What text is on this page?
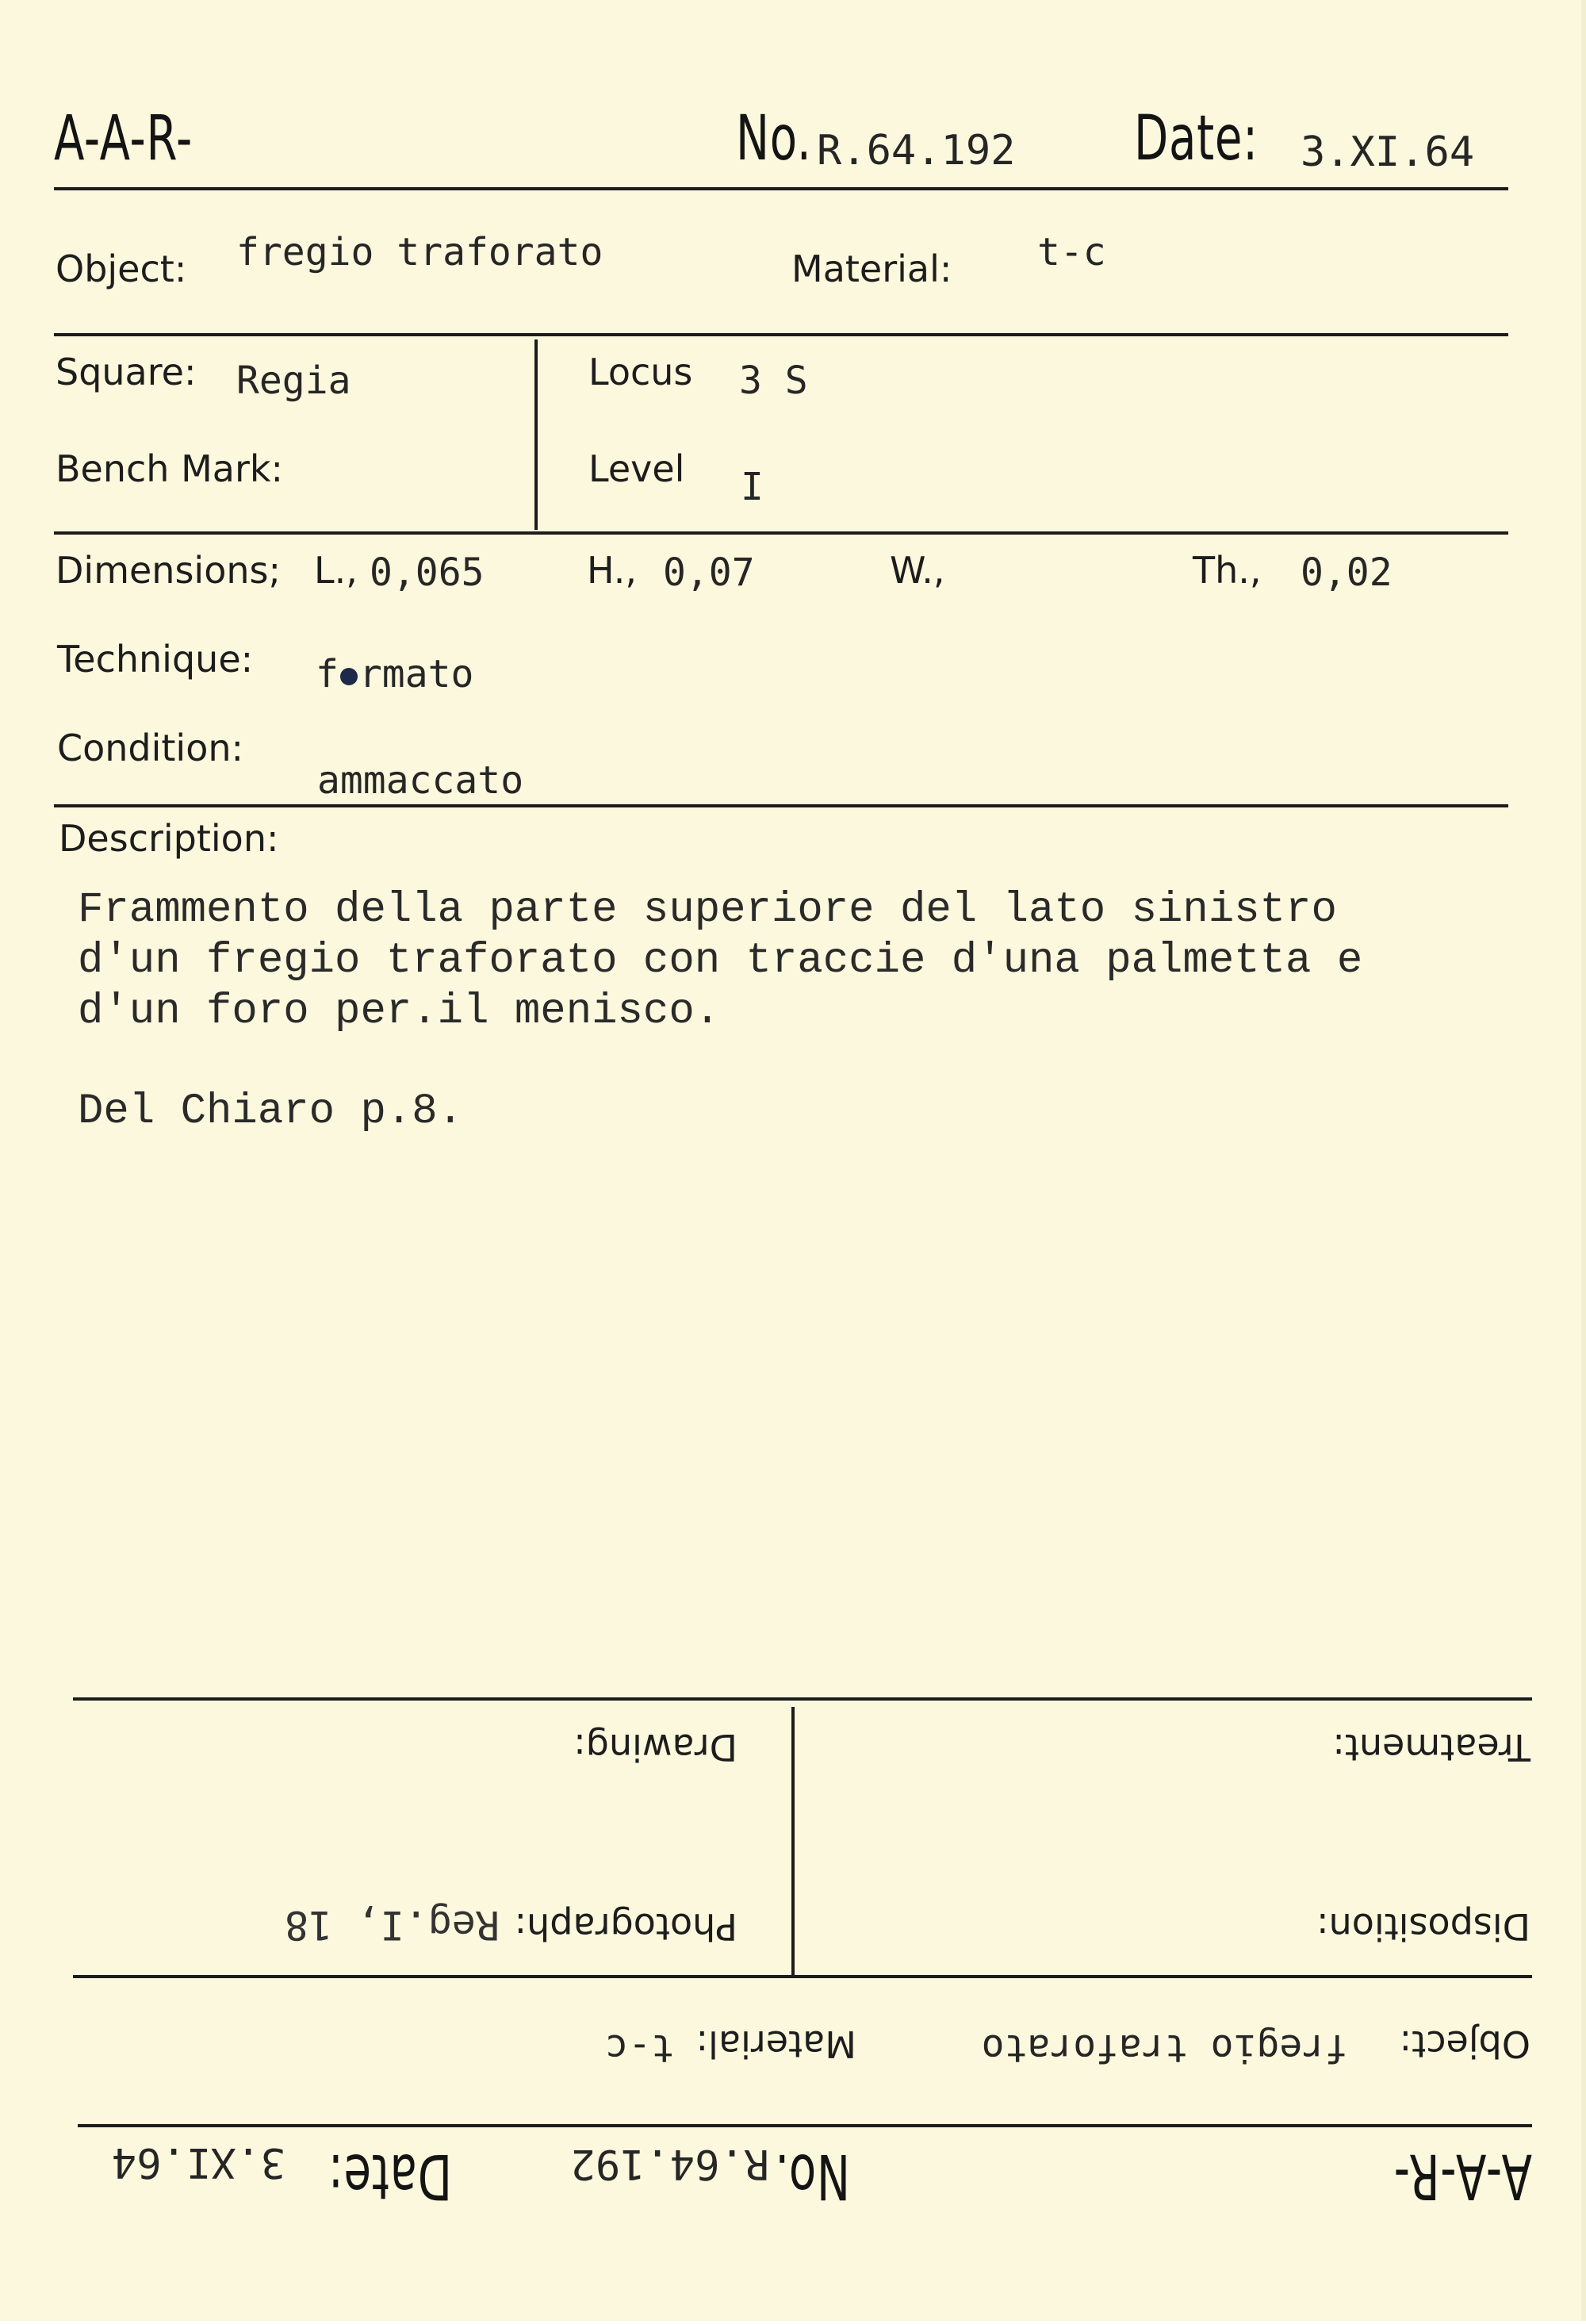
A-A-R-	No. R.64.192 Date: 3.XI.64
Object: fregio traforato	Material: t-c
Square: Regia	Locus 3 S
Bench Mark:	Level I
Dimensions; L., 0,065	H., 0,07	W.,	Th., 0,02
Technique: f rmato
Condition:
ammaccato
Description:
Frammento della parte superiore del lato sinistro
d'un fregio traforato con traccie d'una palmetta e
d'un foro per.il menisco.
Del Chiaro p.8.
A-A-R-
No.
R.64.192
Date:
3.XI.64
Object:
fregio traforato
Material:
t-c
Disposition:
Photograph:
Reg.I, 18
Treatment:
Drawing:
